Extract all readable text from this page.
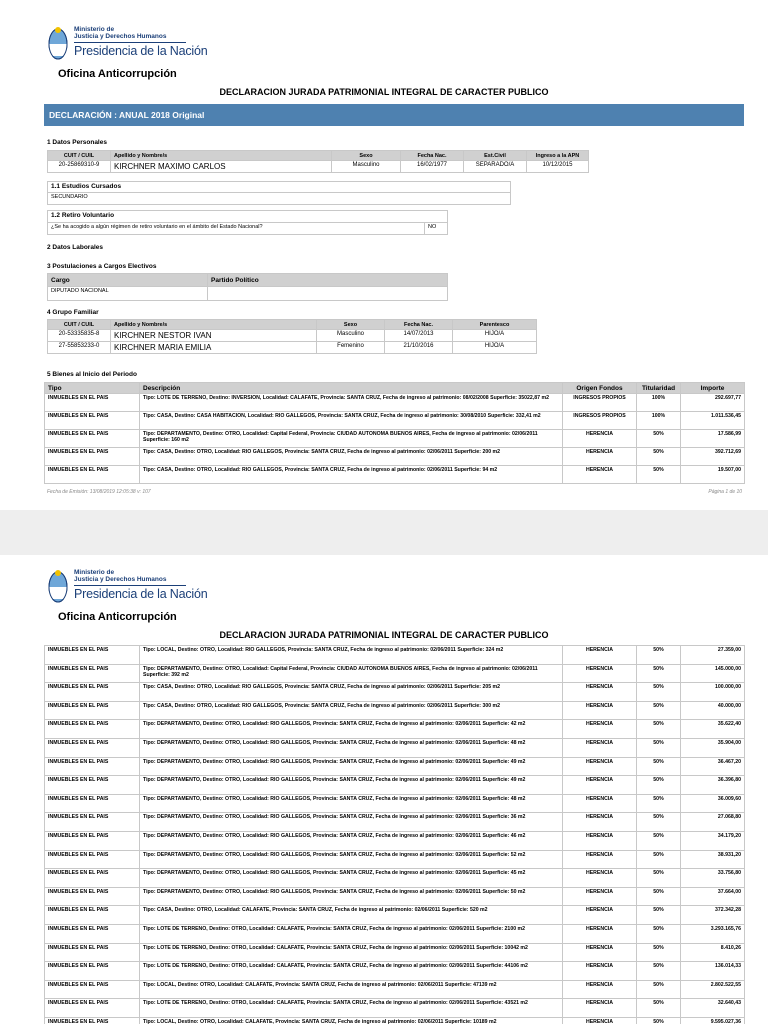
Ministerio de
Justicia y Derechos Humanos
Presidencia de la Nación
Oficina Anticorrupción
DECLARACION JURADA PATRIMONIAL INTEGRAL DE CARACTER PUBLICO
DECLARACIÓN : ANUAL 2018 Original
1 Datos Personales
CUIT / CUIL	Apellido y Nombre/s	Sexo	Fecha Nac.	Est.Civil	Ingreso a la APN
20-25869310-9	KIRCHNER MAXIMO CARLOS	Masculino	16/02/1977	SEPARADO/A	10/12/2015
1.1 Estudios Cursados
SECUNDARIO
1.2 Retiro Voluntario
¿Se ha acogido a algún régimen de retiro voluntario en el ámbito del Estado Nacional?	NO
2 Datos Laborales
3 Postulaciones a Cargos Electivos
Cargo	Partido Político
DIPUTADO NACIONAL	
4 Grupo Familiar
CUIT / CUIL	Apellido y Nombre/s	Sexo	Fecha Nac.	Parentesco
20-53335835-8	KIRCHNER NESTOR IVAN	Masculino	14/07/2013	HIJO/A
27-55853233-0	KIRCHNER MARIA EMILIA	Femenino	21/10/2016	HIJO/A
5 Bienes al Inicio del Periodo
Tipo	Descripción	Origen Fondos	Titularidad	Importe
INMUEBLES EN EL PAIS	Tipo: LOTE DE TERRENO, Destino: INVERSION, Localidad: CALAFATE, Provincia: SANTA CRUZ, Fecha de ingreso al patrimonio: 08/02/2008 Superficie: 35022,87 m2	INGRESOS PROPIOS	100%	292.697,77
INMUEBLES EN EL PAIS	Tipo: CASA, Destino: CASA HABITACION, Localidad: RIO GALLEGOS, Provincia: SANTA CRUZ, Fecha de ingreso al patrimonio: 30/08/2010 Superficie: 332,41 m2	INGRESOS PROPIOS	100%	1.011.536,45
INMUEBLES EN EL PAIS	Tipo: DEPARTAMENTO, Destino: OTRO, Localidad: Capital Federal, Provincia: CIUDAD AUTONOMA BUENOS AIRES, Fecha de ingreso al patrimonio: 02/06/2011 Superficie: 160 m2	HERENCIA	50%	17.586,99
INMUEBLES EN EL PAIS	Tipo: CASA, Destino: OTRO, Localidad: RIO GALLEGOS, Provincia: SANTA CRUZ, Fecha de ingreso al patrimonio: 02/06/2011 Superficie: 200 m2	HERENCIA	50%	392.712,69
INMUEBLES EN EL PAIS	Tipo: CASA, Destino: OTRO, Localidad: RIO GALLEGOS, Provincia: SANTA CRUZ, Fecha de ingreso al patrimonio: 02/06/2011 Superficie: 94 m2	HERENCIA	50%	19.507,00
Fecha de Emisión: 13/08/2019 12:05:38 v: 107	Página 1 de 10
Ministerio de
Justicia y Derechos Humanos
Presidencia de la Nación
Oficina Anticorrupción
DECLARACION JURADA PATRIMONIAL INTEGRAL DE CARACTER PUBLICO
INMUEBLES EN EL PAIS	Tipo: LOCAL, Destino: OTRO, Localidad: RIO GALLEGOS, Provincia: SANTA CRUZ, Fecha de ingreso al patrimonio: 02/06/2011 Superficie: 324 m2	HERENCIA	50%	27.359,00
INMUEBLES EN EL PAIS	Tipo: DEPARTAMENTO, Destino: OTRO, Localidad: Capital Federal, Provincia: CIUDAD AUTONOMA BUENOS AIRES, Fecha de ingreso al patrimonio: 02/06/2011 Superficie: 392 m2	HERENCIA	50%	145.000,00
INMUEBLES EN EL PAIS	Tipo: CASA, Destino: OTRO, Localidad: RIO GALLEGOS, Provincia: SANTA CRUZ, Fecha de ingreso al patrimonio: 02/06/2011 Superficie: 205 m2	HERENCIA	50%	100.000,00
INMUEBLES EN EL PAIS	Tipo: CASA, Destino: OTRO, Localidad: RIO GALLEGOS, Provincia: SANTA CRUZ, Fecha de ingreso al patrimonio: 02/06/2011 Superficie: 300 m2	HERENCIA	50%	40.000,00
INMUEBLES EN EL PAIS	Tipo: DEPARTAMENTO, Destino: OTRO, Localidad: RIO GALLEGOS, Provincia: SANTA CRUZ, Fecha de ingreso al patrimonio: 02/06/2011 Superficie: 42 m2	HERENCIA	50%	35.622,40
INMUEBLES EN EL PAIS	Tipo: DEPARTAMENTO, Destino: OTRO, Localidad: RIO GALLEGOS, Provincia: SANTA CRUZ, Fecha de ingreso al patrimonio: 02/06/2011 Superficie: 48 m2	HERENCIA	50%	35.904,00
INMUEBLES EN EL PAIS	Tipo: DEPARTAMENTO, Destino: OTRO, Localidad: RIO GALLEGOS, Provincia: SANTA CRUZ, Fecha de ingreso al patrimonio: 02/06/2011 Superficie: 49 m2	HERENCIA	50%	36.467,20
INMUEBLES EN EL PAIS	Tipo: DEPARTAMENTO, Destino: OTRO, Localidad: RIO GALLEGOS, Provincia: SANTA CRUZ, Fecha de ingreso al patrimonio: 02/06/2011 Superficie: 49 m2	HERENCIA	50%	36.396,80
INMUEBLES EN EL PAIS	Tipo: DEPARTAMENTO, Destino: OTRO, Localidad: RIO GALLEGOS, Provincia: SANTA CRUZ, Fecha de ingreso al patrimonio: 02/06/2011 Superficie: 48 m2	HERENCIA	50%	36.009,60
INMUEBLES EN EL PAIS	Tipo: DEPARTAMENTO, Destino: OTRO, Localidad: RIO GALLEGOS, Provincia: SANTA CRUZ, Fecha de ingreso al patrimonio: 02/06/2011 Superficie: 36 m2	HERENCIA	50%	27.068,80
INMUEBLES EN EL PAIS	Tipo: DEPARTAMENTO, Destino: OTRO, Localidad: RIO GALLEGOS, Provincia: SANTA CRUZ, Fecha de ingreso al patrimonio: 02/06/2011 Superficie: 46 m2	HERENCIA	50%	34.179,20
INMUEBLES EN EL PAIS	Tipo: DEPARTAMENTO, Destino: OTRO, Localidad: RIO GALLEGOS, Provincia: SANTA CRUZ, Fecha de ingreso al patrimonio: 02/06/2011 Superficie: 52 m2	HERENCIA	50%	38.931,20
INMUEBLES EN EL PAIS	Tipo: DEPARTAMENTO, Destino: OTRO, Localidad: RIO GALLEGOS, Provincia: SANTA CRUZ, Fecha de ingreso al patrimonio: 02/06/2011 Superficie: 45 m2	HERENCIA	50%	33.756,80
INMUEBLES EN EL PAIS	Tipo: DEPARTAMENTO, Destino: OTRO, Localidad: RIO GALLEGOS, Provincia: SANTA CRUZ, Fecha de ingreso al patrimonio: 02/06/2011 Superficie: 50 m2	HERENCIA	50%	37.664,00
INMUEBLES EN EL PAIS	Tipo: CASA, Destino: OTRO, Localidad: CALAFATE, Provincia: SANTA CRUZ, Fecha de ingreso al patrimonio: 02/06/2011 Superficie: 520 m2	HERENCIA	50%	372.342,28
INMUEBLES EN EL PAIS	Tipo: LOTE DE TERRENO, Destino: OTRO, Localidad: CALAFATE, Provincia: SANTA CRUZ, Fecha de ingreso al patrimonio: 02/06/2011 Superficie: 2100 m2	HERENCIA	50%	3.293.165,76
INMUEBLES EN EL PAIS	Tipo: LOTE DE TERRENO, Destino: OTRO, Localidad: CALAFATE, Provincia: SANTA CRUZ, Fecha de ingreso al patrimonio: 02/06/2011 Superficie: 10042 m2	HERENCIA	50%	8.410,26
INMUEBLES EN EL PAIS	Tipo: LOTE DE TERRENO, Destino: OTRO, Localidad: CALAFATE, Provincia: SANTA CRUZ, Fecha de ingreso al patrimonio: 02/06/2011 Superficie: 44106 m2	HERENCIA	50%	136.014,33
INMUEBLES EN EL PAIS	Tipo: LOCAL, Destino: OTRO, Localidad: CALAFATE, Provincia: SANTA CRUZ, Fecha de ingreso al patrimonio: 02/06/2011 Superficie: 47139 m2	HERENCIA	50%	2.802.522,55
INMUEBLES EN EL PAIS	Tipo: LOTE DE TERRENO, Destino: OTRO, Localidad: CALAFATE, Provincia: SANTA CRUZ, Fecha de ingreso al patrimonio: 02/06/2011 Superficie: 43521 m2	HERENCIA	50%	32.640,43
INMUEBLES EN EL PAIS	Tipo: LOCAL, Destino: OTRO, Localidad: CALAFATE, Provincia: SANTA CRUZ, Fecha de ingreso al patrimonio: 02/06/2011 Superficie: 10189 m2	HERENCIA	50%	9.595.027,36
